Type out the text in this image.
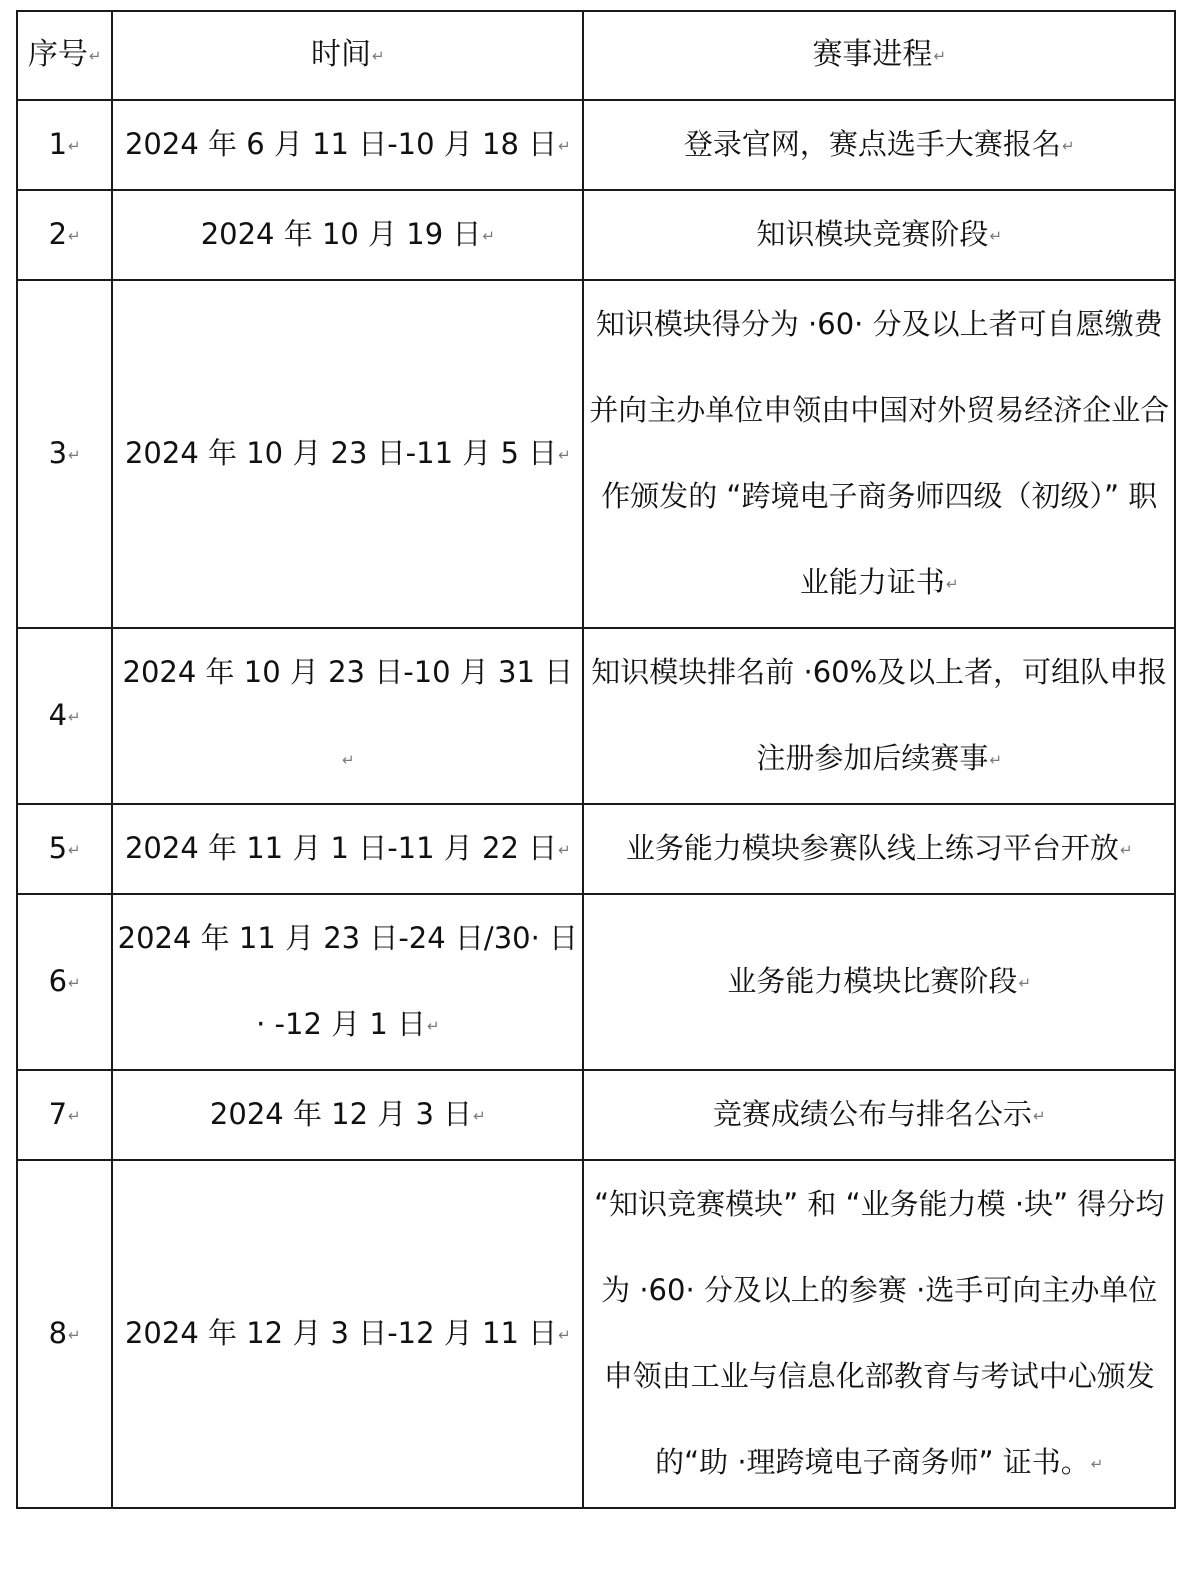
序号↵	时间↵	赛事进程↵
1↵	2024 年 6 月 11 日-10 月 18 日↵	登录官网，赛点选手大赛报名↵
2↵	2024 年 10 月 19 日↵	知识模块竞赛阶段↵
3↵	2024 年 10 月 23 日-11 月 5 日↵	知识模块得分为 ·60· 分及以上者可自愿缴费并向主办单位申领由中国对外贸易经济企业合作颁发的 “跨境电子商务师四级（初级）” 职业能力证书↵
4↵	2024 年 10 月 23 日-10 月 31 日↵	知识模块排名前 ·60%及以上者，可组队申报注册参加后续赛事↵
5↵	2024 年 11 月 1 日-11 月 22 日↵	业务能力模块参赛队线上练习平台开放↵
6↵	2024 年 11 月 23 日-24 日/30· 日 · -12 月 1 日↵	业务能力模块比赛阶段↵
7↵	2024 年 12 月 3 日↵	竞赛成绩公布与排名公示↵
8↵	2024 年 12 月 3 日-12 月 11 日↵	“知识竞赛模块” 和 “业务能力模 ·块” 得分均为 ·60· 分及以上的参赛 ·选手可向主办单位申领由工业与信息化部教育与考试中心颁发的“助 ·理跨境电子商务师” 证书。↵
